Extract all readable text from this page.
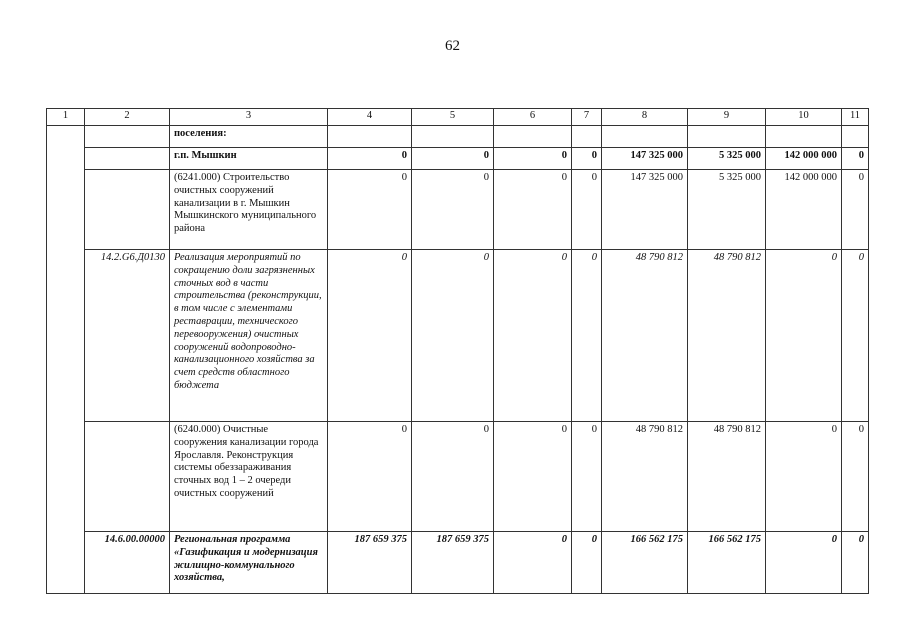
62
1	2	3	4	5	6	7	8	9	10	11
		поселения:								
		г.п. Мышкин	0	0	0	0	147 325 000	5 325 000	142 000 000	0
		(6241.000) Строительство очистных сооружений канализации в г. Мышкин Мышкинского муниципального района	0	0	0	0	147 325 000	5 325 000	142 000 000	0
	14.2.G6.Д0130	Реализация мероприятий по сокращению доли загрязненных сточных вод в части строительства (реконструкции, в том числе с элементами реставрации, технического перевооружения) очистных сооружений водопроводно-канализационного хозяйства за счет средств областного бюджета	0	0	0	0	48 790 812	48 790 812	0	0
		(6240.000) Очистные сооружения канализации города Ярославля. Реконструкция системы обеззараживания сточных вод 1 – 2 очереди очистных сооружений	0	0	0	0	48 790 812	48 790 812	0	0
	14.6.00.00000	Региональная программа «Газификация и модернизация жилищно-коммунального хозяйства,	187 659 375	187 659 375	0	0	166 562 175	166 562 175	0	0
